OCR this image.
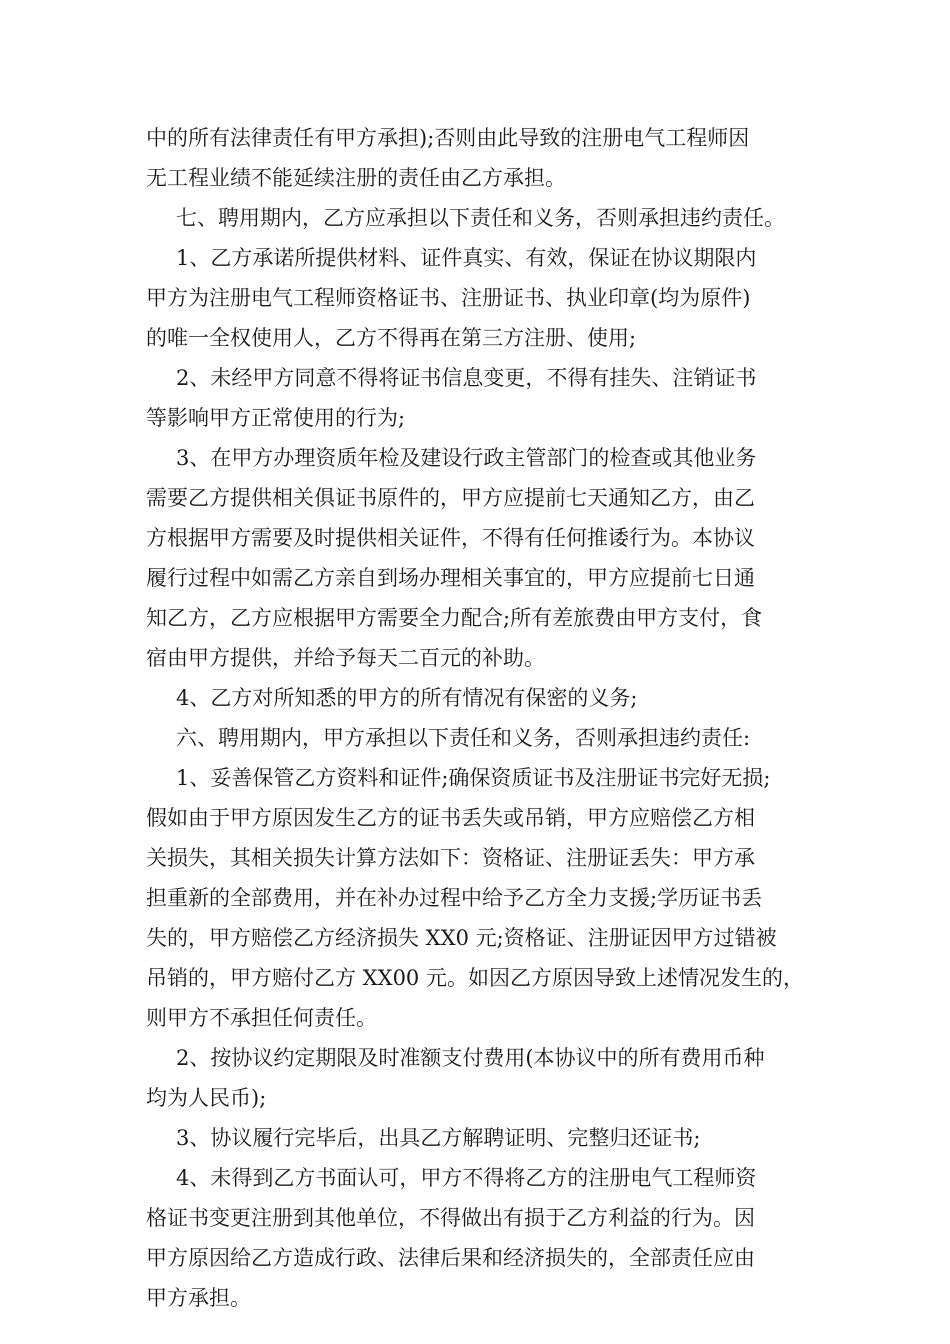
中的所有法律责任有甲方承担);否则由此导致的注册电气工程师因
无工程业绩不能延续注册的责任由乙方承担。
七、聘用期内，乙方应承担以下责任和义务，否则承担违约责任。
1、乙方承诺所提供材料、证件真实、有效，保证在协议期限内
甲方为注册电气工程师资格证书、注册证书、执业印章(均为原件)
的唯一全权使用人，乙方不得再在第三方注册、使用;
2、未经甲方同意不得将证书信息变更，不得有挂失、注销证书
等影响甲方正常使用的行为;
3、在甲方办理资质年检及建设行政主管部门的检查或其他业务
需要乙方提供相关俱证书原件的，甲方应提前七天通知乙方，由乙
方根据甲方需要及时提供相关证件，不得有任何推诿行为。本协议
履行过程中如需乙方亲自到场办理相关事宜的，甲方应提前七日通
知乙方，乙方应根据甲方需要全力配合;所有差旅费由甲方支付，食
宿由甲方提供，并给予每天二百元的补助。
4、乙方对所知悉的甲方的所有情况有保密的义务;
六、聘用期内，甲方承担以下责任和义务，否则承担违约责任:
1、妥善保管乙方资料和证件;确保资质证书及注册证书完好无损;
假如由于甲方原因发生乙方的证书丢失或吊销，甲方应赔偿乙方相
关损失，其相关损失计算方法如下：资格证、注册证丢失：甲方承
担重新的全部费用，并在补办过程中给予乙方全力支援;学历证书丢
失的，甲方赔偿乙方经济损失 XX0 元;资格证、注册证因甲方过错被
吊销的，甲方赔付乙方 XX00 元。如因乙方原因导致上述情况发生的，
则甲方不承担任何责任。
2、按协议约定期限及时准额支付费用(本协议中的所有费用币种
均为人民币);
3、协议履行完毕后，出具乙方解聘证明、完整归还证书;
4、未得到乙方书面认可，甲方不得将乙方的注册电气工程师资
格证书变更注册到其他单位，不得做出有损于乙方利益的行为。因
甲方原因给乙方造成行政、法律后果和经济损失的，全部责任应由
甲方承担。
